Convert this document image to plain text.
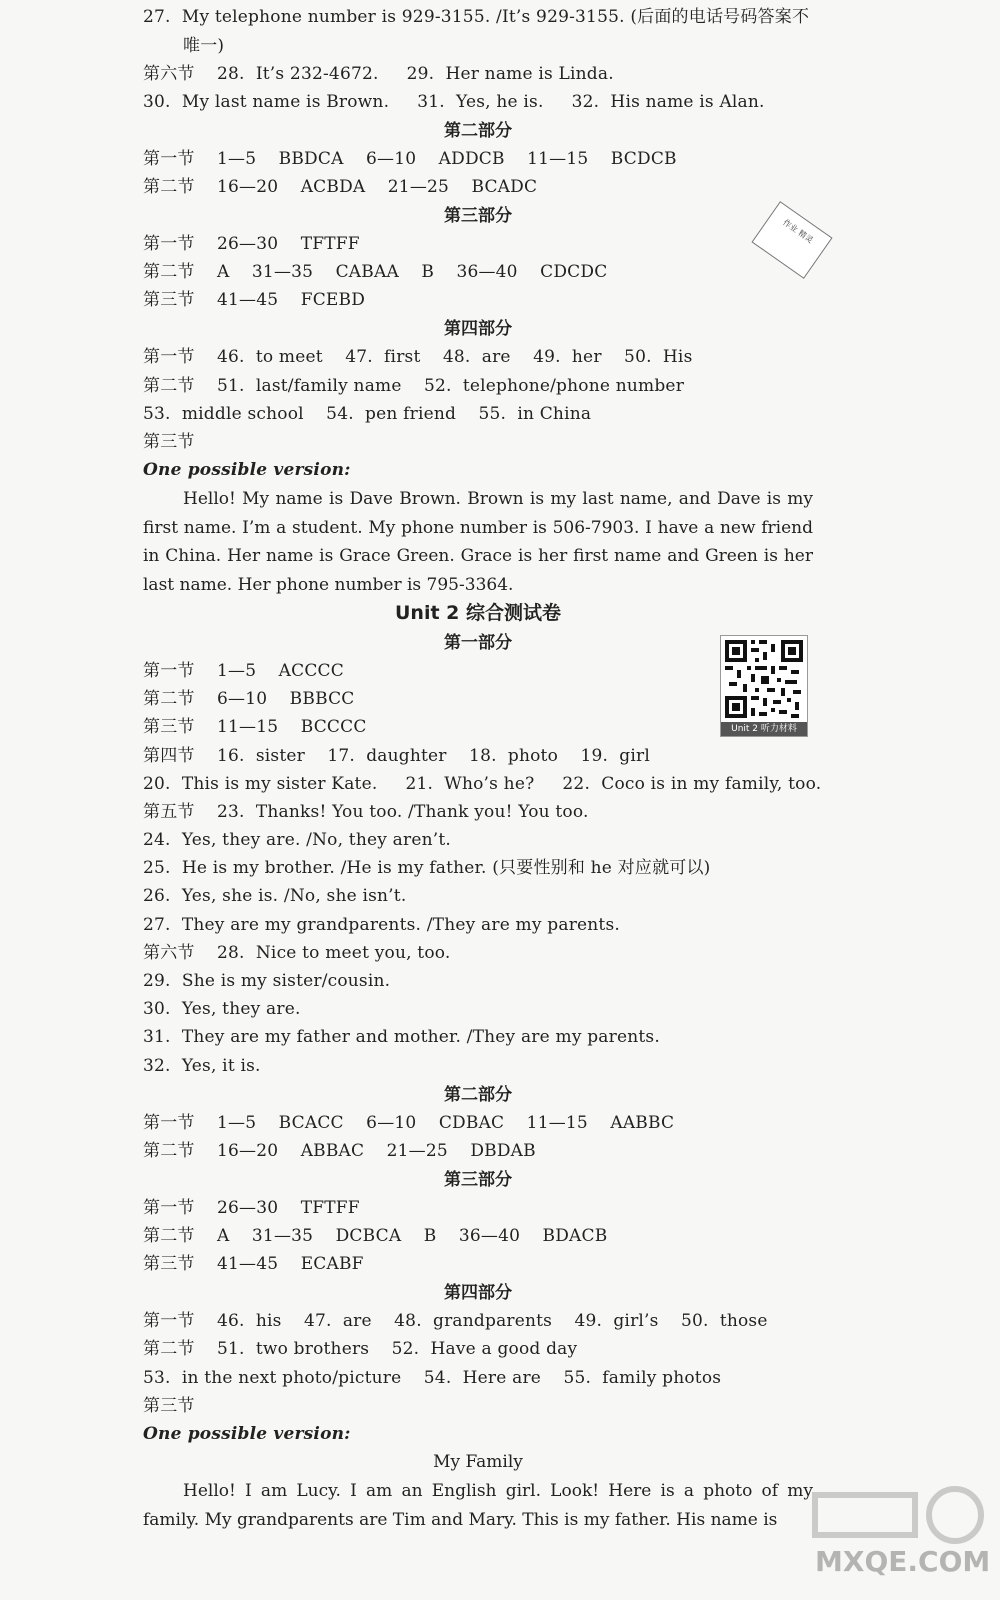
27.  My telephone number is 929-3155. /It’s 929-3155. (后面的电话号码答案不
唯一)
第六节    28.  It’s 232-4672.     29.  Her name is Linda.
30.  My last name is Brown.     31.  Yes, he is.     32.  His name is Alan.
第二部分
第一节    1—5    BBDCA    6—10    ADDCB    11—15    BCDCB
第二节    16—20    ACBDA    21—25    BCADC
第三部分
第一节    26—30    TFTFF
第二节    A    31—35    CABAA    B    36—40    CDCDC
第三节    41—45    FCEBD
第四部分
第一节    46.  to meet    47.  first    48.  are    49.  her    50.  His
第二节    51.  last/family name    52.  telephone/phone number
53.  middle school    54.  pen friend    55.  in China
第三节
One possible version:
Hello! My name is Dave Brown. Brown is my last name, and Dave is my first name. I’m a student. My phone number is 506-7903. I have a new friend in China. Her name is Grace Green. Grace is her first name and Green is her last name. Her phone number is 795-3364.
Unit 2 综合测试卷
第一部分
第一节    1—5    ACCCC
第二节    6—10    BBBCC
第三节    11—15    BCCCC
第四节    16.  sister    17.  daughter    18.  photo    19.  girl
20.  This is my sister Kate.     21.  Who’s he?     22.  Coco is in my family, too.
第五节    23.  Thanks! You too. /Thank you! You too.
24.  Yes, they are. /No, they aren’t.
25.  He is my brother. /He is my father. (只要性别和 he 对应就可以)
26.  Yes, she is. /No, she isn’t.
27.  They are my grandparents. /They are my parents.
第六节    28.  Nice to meet you, too.
29.  She is my sister/cousin.
30.  Yes, they are.
31.  They are my father and mother. /They are my parents.
32.  Yes, it is.
第二部分
第一节    1—5    BCACC    6—10    CDBAC    11—15    AABBC
第二节    16—20    ABBAC    21—25    DBDAB
第三部分
第一节    26—30    TFTFF
第二节    A    31—35    DCBCA    B    36—40    BDACB
第三节    41—45    ECABF
第四部分
第一节    46.  his    47.  are    48.  grandparents    49.  girl’s    50.  those
第二节    51.  two brothers    52.  Have a good day
53.  in the next photo/picture    54.  Here are    55.  family photos
第三节
One possible version:
My Family
Hello! I am Lucy. I am an English girl. Look! Here is a photo of my family. My grandparents are Tim and Mary. This is my father. His name is
作业 精灵
Unit 2 听力材料
MXQE.COM
